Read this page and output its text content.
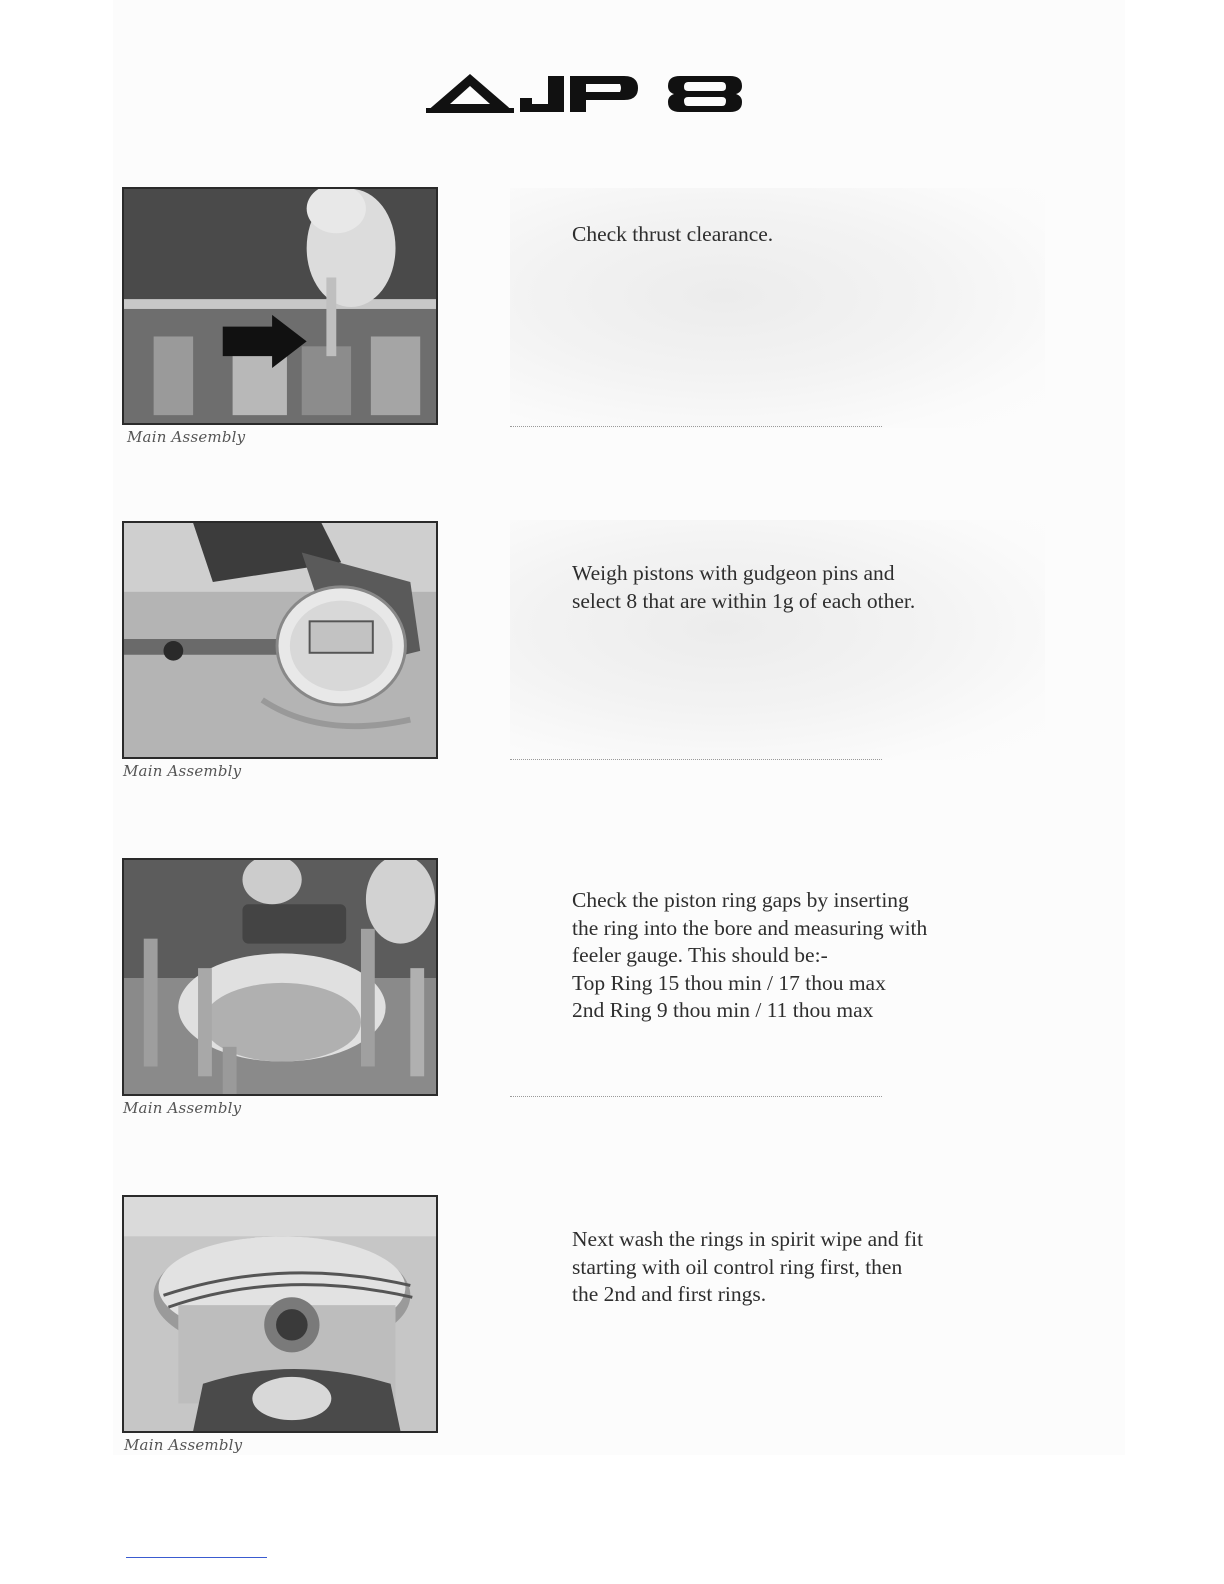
Main Assembly
Check thrust clearance.
Main Assembly
Weigh pistons with gudgeon pins and
select 8 that are within 1g of each other.
Main Assembly
Check the piston ring gaps by inserting
the ring into the bore and measuring with
feeler gauge. This should be:-
Top Ring 15 thou min / 17 thou max
2nd Ring 9 thou min / 11 thou max
Main Assembly
Next wash the rings in spirit wipe and fit
starting with oil control ring first, then
the 2nd and first rings.
